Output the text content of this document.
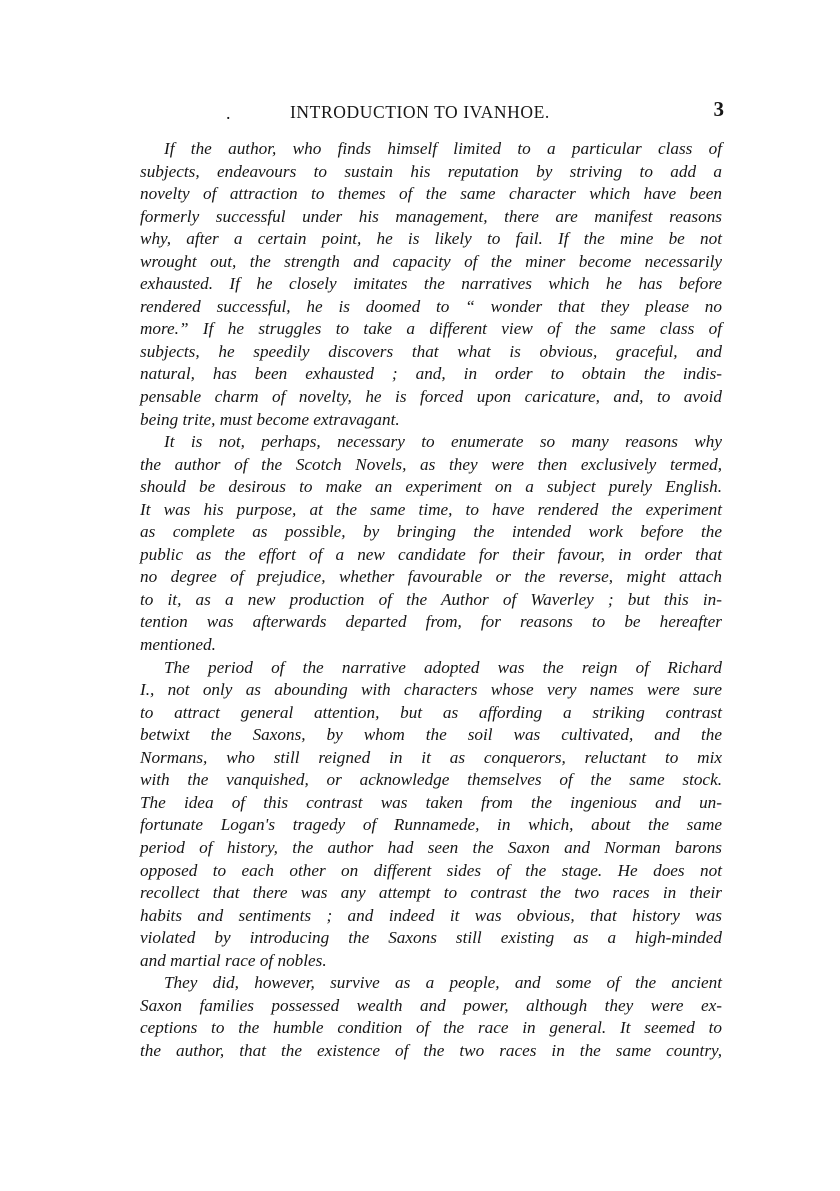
.	INTRODUCTION TO IVANHOE.	3
If the author, who finds himself limited to a particular class of
subjects, endeavours to sustain his reputation by striving to add a
novelty of attraction to themes of the same character which have been
formerly successful under his management, there are manifest reasons
why, after a certain point, he is likely to fail. If the mine be not
wrought out, the strength and capacity of the miner become necessarily
exhausted. If he closely imitates the narratives which he has before
rendered successful, he is doomed to “ wonder that they please no
more.” If he struggles to take a different view of the same class of
subjects, he speedily discovers that what is obvious, graceful, and
natural, has been exhausted ; and, in order to obtain the indis-
pensable charm of novelty, he is forced upon caricature, and, to avoid
being trite, must become extravagant.
It is not, perhaps, necessary to enumerate so many reasons why
the author of the Scotch Novels, as they were then exclusively termed,
should be desirous to make an experiment on a subject purely English.
It was his purpose, at the same time, to have rendered the experiment
as complete as possible, by bringing the intended work before the
public as the effort of a new candidate for their favour, in order that
no degree of prejudice, whether favourable or the reverse, might attach
to it, as a new production of the Author of Waverley ; but this in-
tention was afterwards departed from, for reasons to be hereafter
mentioned.
The period of the narrative adopted was the reign of Richard
I., not only as abounding with characters whose very names were sure
to attract general attention, but as affording a striking contrast
betwixt the Saxons, by whom the soil was cultivated, and the
Normans, who still reigned in it as conquerors, reluctant to mix
with the vanquished, or acknowledge themselves of the same stock.
The idea of this contrast was taken from the ingenious and un-
fortunate Logan's tragedy of Runnamede, in which, about the same
period of history, the author had seen the Saxon and Norman barons
opposed to each other on different sides of the stage. He does not
recollect that there was any attempt to contrast the two races in their
habits and sentiments ; and indeed it was obvious, that history was
violated by introducing the Saxons still existing as a high-minded
and martial race of nobles.
They did, however, survive as a people, and some of the ancient
Saxon families possessed wealth and power, although they were ex-
ceptions to the humble condition of the race in general. It seemed to
the author, that the existence of the two races in the same country,
